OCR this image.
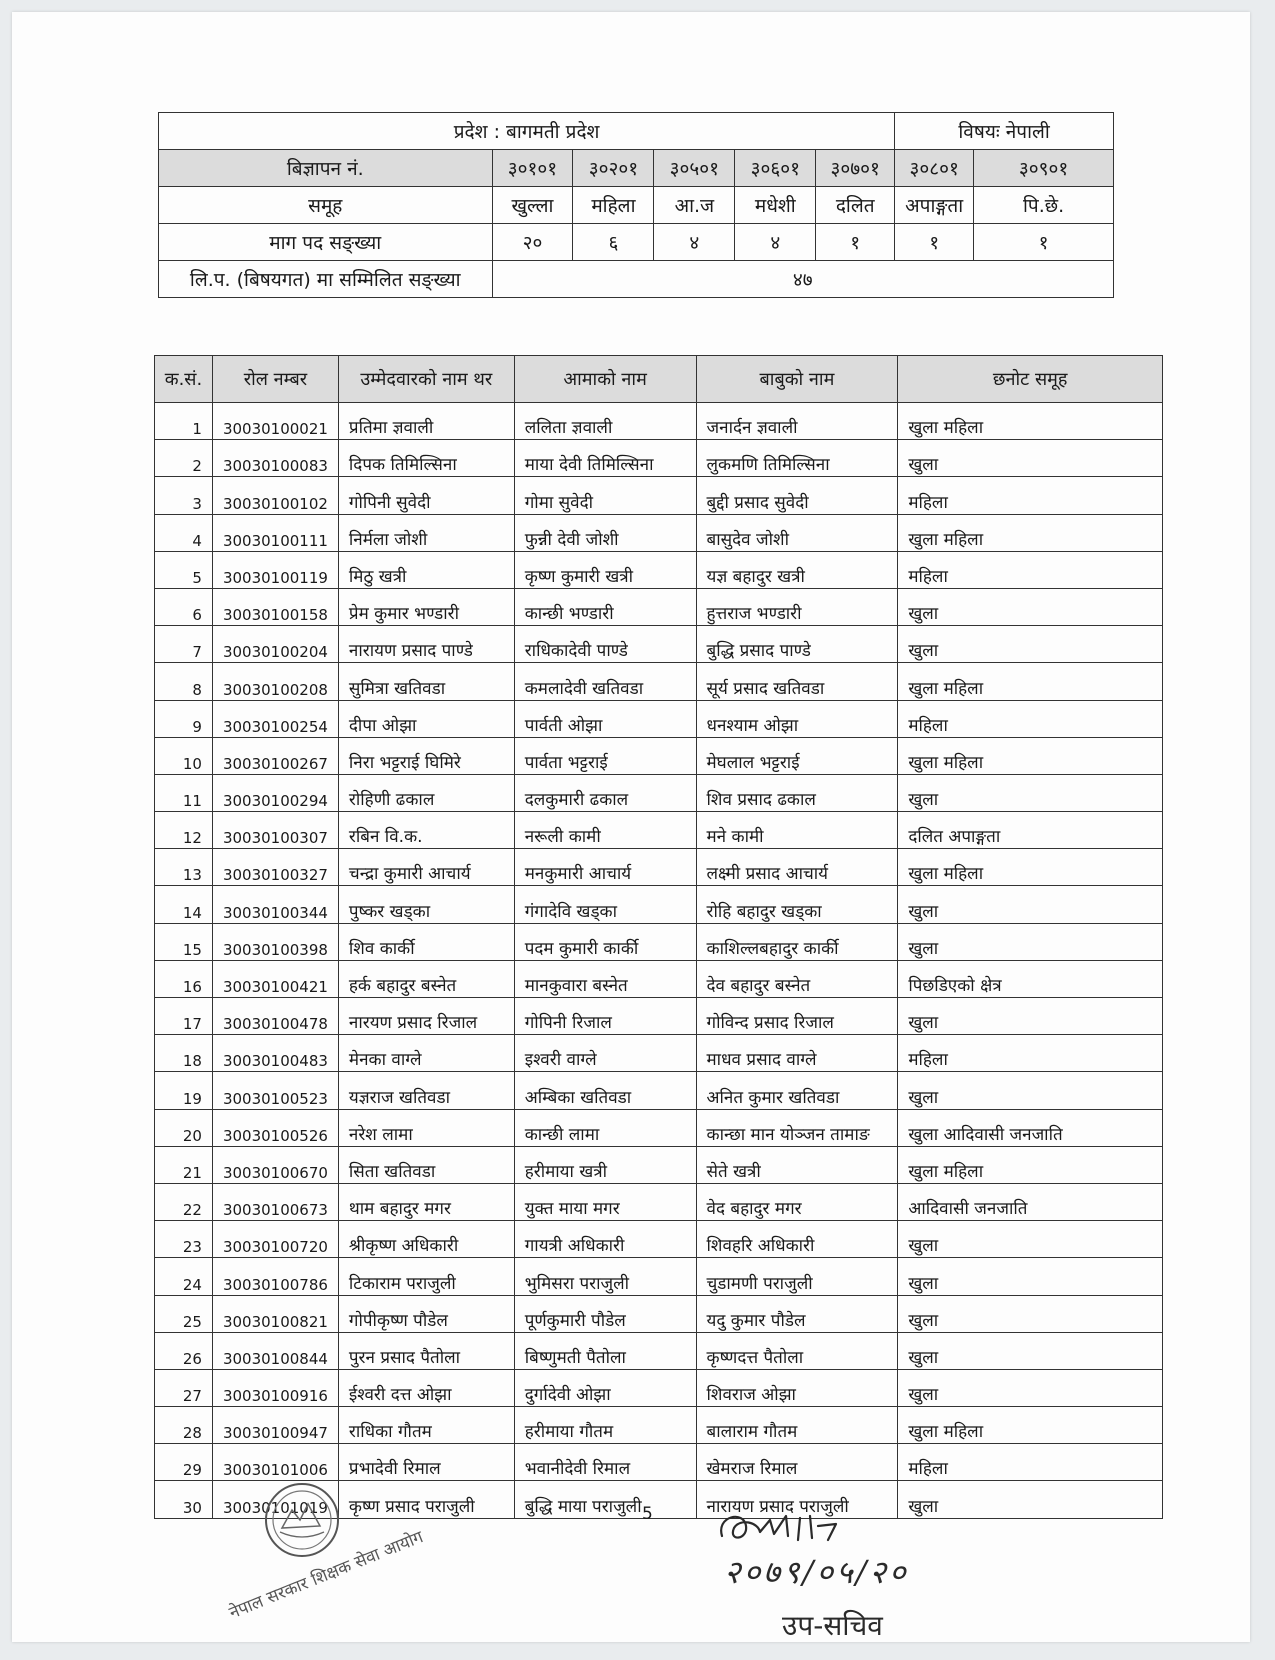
प्रदेश : बागमती प्रदेश						विषयः नेपाली	
बिज्ञापन नं.	३०१०१	३०२०१	३०५०१	३०६०१	३०७०१	३०८०१	३०९०१
समूह	खुल्ला	महिला	आ.ज	मधेशी	दलित	अपाङ्गता	पि.छे.
माग पद सङ्ख्या	२०	६	४	४	१	१	१
लि.प. (बिषयगत) मा सम्मिलित सङ्ख्या	४७						
क.सं.	रोल नम्बर	उम्मेदवारको नाम थर	आमाको नाम	बाबुको नाम	छनोट समूह
1	30030100021	प्रतिमा ज्ञवाली	ललिता ज्ञवाली	जनार्दन ज्ञवाली	खुला महिला
2	30030100083	दिपक तिमिल्सिना	माया देवी तिमिल्सिना	लुकमणि तिमिल्सिना	खुला
3	30030100102	गोपिनी सुवेदी	गोमा सुवेदी	बुद्दी प्रसाद सुवेदी	महिला
4	30030100111	निर्मला जोशी	फुन्नी देवी जोशी	बासुदेव जोशी	खुला महिला
5	30030100119	मिठु खत्री	कृष्ण कुमारी खत्री	यज्ञ बहादुर खत्री	महिला
6	30030100158	प्रेम कुमार भण्डारी	कान्छी भण्डारी	हुत्तराज भण्डारी	खुला
7	30030100204	नारायण प्रसाद पाण्डे	राधिकादेवी पाण्डे	बुद्धि प्रसाद पाण्डे	खुला
8	30030100208	सुमित्रा खतिवडा	कमलादेवी खतिवडा	सूर्य प्रसाद खतिवडा	खुला महिला
9	30030100254	दीपा ओझा	पार्वती ओझा	धनश्याम ओझा	महिला
10	30030100267	निरा भट्टराई घिमिरे	पार्वता भट्टराई	मेघलाल भट्टराई	खुला महिला
11	30030100294	रोहिणी ढकाल	दलकुमारी ढकाल	शिव प्रसाद ढकाल	खुला
12	30030100307	रबिन वि.क.	नरूली कामी	मने कामी	दलित अपाङ्गता
13	30030100327	चन्द्रा कुमारी आचार्य	मनकुमारी आचार्य	लक्ष्मी प्रसाद आचार्य	खुला महिला
14	30030100344	पुष्कर खड्का	गंगादेवि खड्का	रोहि बहादुर खड्का	खुला
15	30030100398	शिव कार्की	पदम कुमारी कार्की	काशिल्लबहादुर कार्की	खुला
16	30030100421	हर्क बहादुर बस्नेत	मानकुवारा बस्नेत	देव बहादुर बस्नेत	पिछडिएको क्षेत्र
17	30030100478	नारयण प्रसाद रिजाल	गोपिनी रिजाल	गोविन्द प्रसाद रिजाल	खुला
18	30030100483	मेनका वाग्ले	इश्वरी वाग्ले	माधव प्रसाद वाग्ले	महिला
19	30030100523	यज्ञराज खतिवडा	अम्बिका खतिवडा	अनित कुमार खतिवडा	खुला
20	30030100526	नरेश लामा	कान्छी लामा	कान्छा मान योञ्जन तामाङ	खुला आदिवासी जनजाति
21	30030100670	सिता खतिवडा	हरीमाया खत्री	सेते खत्री	खुला महिला
22	30030100673	थाम बहादुर मगर	युक्त माया मगर	वेद बहादुर मगर	आदिवासी जनजाति
23	30030100720	श्रीकृष्ण अधिकारी	गायत्री अधिकारी	शिवहरि अधिकारी	खुला
24	30030100786	टिकाराम पराजुली	भुमिसरा पराजुली	चुडामणी पराजुली	खुला
25	30030100821	गोपीकृष्ण पौडेल	पूर्णकुमारी पौडेल	यदु कुमार पौडेल	खुला
26	30030100844	पुरन प्रसाद पैतोला	बिष्णुमती पैतोला	कृष्णदत्त पैतोला	खुला
27	30030100916	ईश्वरी दत्त ओझा	दुर्गादेवी ओझा	शिवराज ओझा	खुला
28	30030100947	राधिका गौतम	हरीमाया गौतम	बालाराम गौतम	खुला महिला
29	30030101006	प्रभादेवी रिमाल	भवानीदेवी रिमाल	खेमराज रिमाल	महिला
30	30030101019	कृष्ण प्रसाद पराजुली	बुद्धि माया पराजुली	नारायण प्रसाद पराजुली	खुला
नेपाल सरकार शिक्षक सेवा आयोग
5
२०७९/०५/२०
उप-सचिव
